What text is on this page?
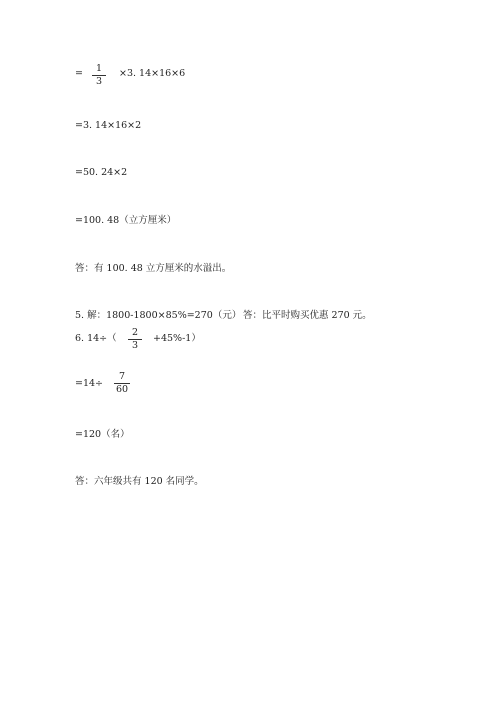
=	1
3
×3. 14×16×6
=3. 14×16×2
=50. 24×2
=100. 48（立方厘米）
答：有 100. 48 立方厘米的水溢出。
5. 解：1800-1800×85%=270（元） 答：比平时购买优惠 270 元。
6. 14÷（
2
3
+45%-1）
=14÷
7
60
=120（名）
答：六年级共有 120 名同学。
